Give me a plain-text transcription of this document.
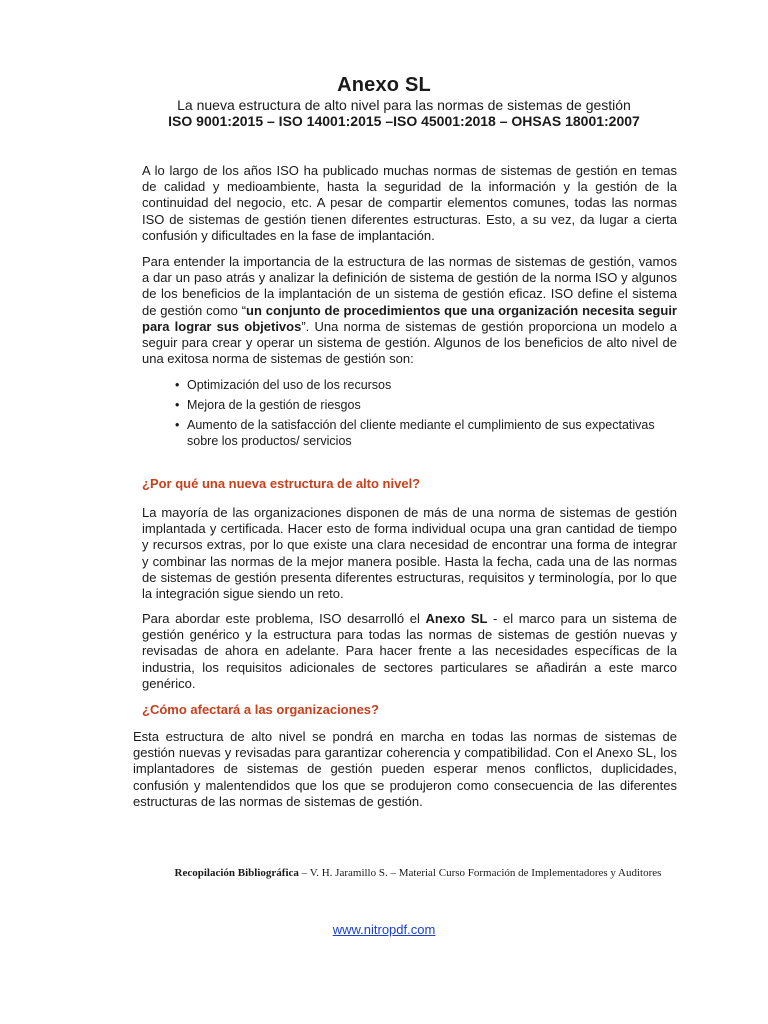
Anexo SL
La nueva estructura de alto nivel para las normas de sistemas de gestión
ISO 9001:2015 – ISO 14001:2015 –ISO 45001:2018 – OHSAS 18001:2007

A lo largo de los años ISO ha publicado muchas normas de sistemas de gestión en temas de calidad y medioambiente, hasta la seguridad de la información y la gestión de la continuidad del negocio, etc. A pesar de compartir elementos comunes, todas las normas ISO de sistemas de gestión tienen diferentes estructuras. Esto, a su vez, da lugar a cierta confusión y dificultades en la fase de implantación.

Para entender la importancia de la estructura de las normas de sistemas de gestión, vamos a dar un paso atrás y analizar la definición de sistema de gestión de la norma ISO y algunos de los beneficios de la implantación de un sistema de gestión eficaz. ISO define el sistema de gestión como “un conjunto de procedimientos que una organización necesita seguir para lograr sus objetivos”. Una norma de sistemas de gestión proporciona un modelo a seguir para crear y operar un sistema de gestión. Algunos de los beneficios de alto nivel de una exitosa norma de sistemas de gestión son:

• Optimización del uso de los recursos
• Mejora de la gestión de riesgos
• Aumento de la satisfacción del cliente mediante el cumplimiento de sus expectativas sobre los productos/ servicios
¿Por qué una nueva estructura de alto nivel?

La mayoría de las organizaciones disponen de más de una norma de sistemas de gestión implantada y certificada. Hacer esto de forma individual ocupa una gran cantidad de tiempo y recursos extras, por lo que existe una clara necesidad de encontrar una forma de integrar y combinar las normas de la mejor manera posible. Hasta la fecha, cada una de las normas de sistemas de gestión presenta diferentes estructuras, requisitos y terminología, por lo que la integración sigue siendo un reto.

Para abordar este problema, ISO desarrolló el Anexo SL - el marco para un sistema de gestión genérico y la estructura para todas las normas de sistemas de gestión nuevas y revisadas de ahora en adelante. Para hacer frente a las necesidades específicas de la industria, los requisitos adicionales de sectores particulares se añadirán a este marco genérico.

¿Cómo afectará a las organizaciones?

Esta estructura de alto nivel se pondrá en marcha en todas las normas de sistemas de gestión nuevas y revisadas para garantizar coherencia y compatibilidad. Con el Anexo SL, los implantadores de sistemas de gestión pueden esperar menos conflictos, duplicidades, confusión y malentendidos que los que se produjeron como consecuencia de las diferentes estructuras de las normas de sistemas de gestión.

Recopilación Bibliográfica – V. H. Jaramillo S. – Material Curso Formación de Implementadores y Auditores
www.nitropdf.com
